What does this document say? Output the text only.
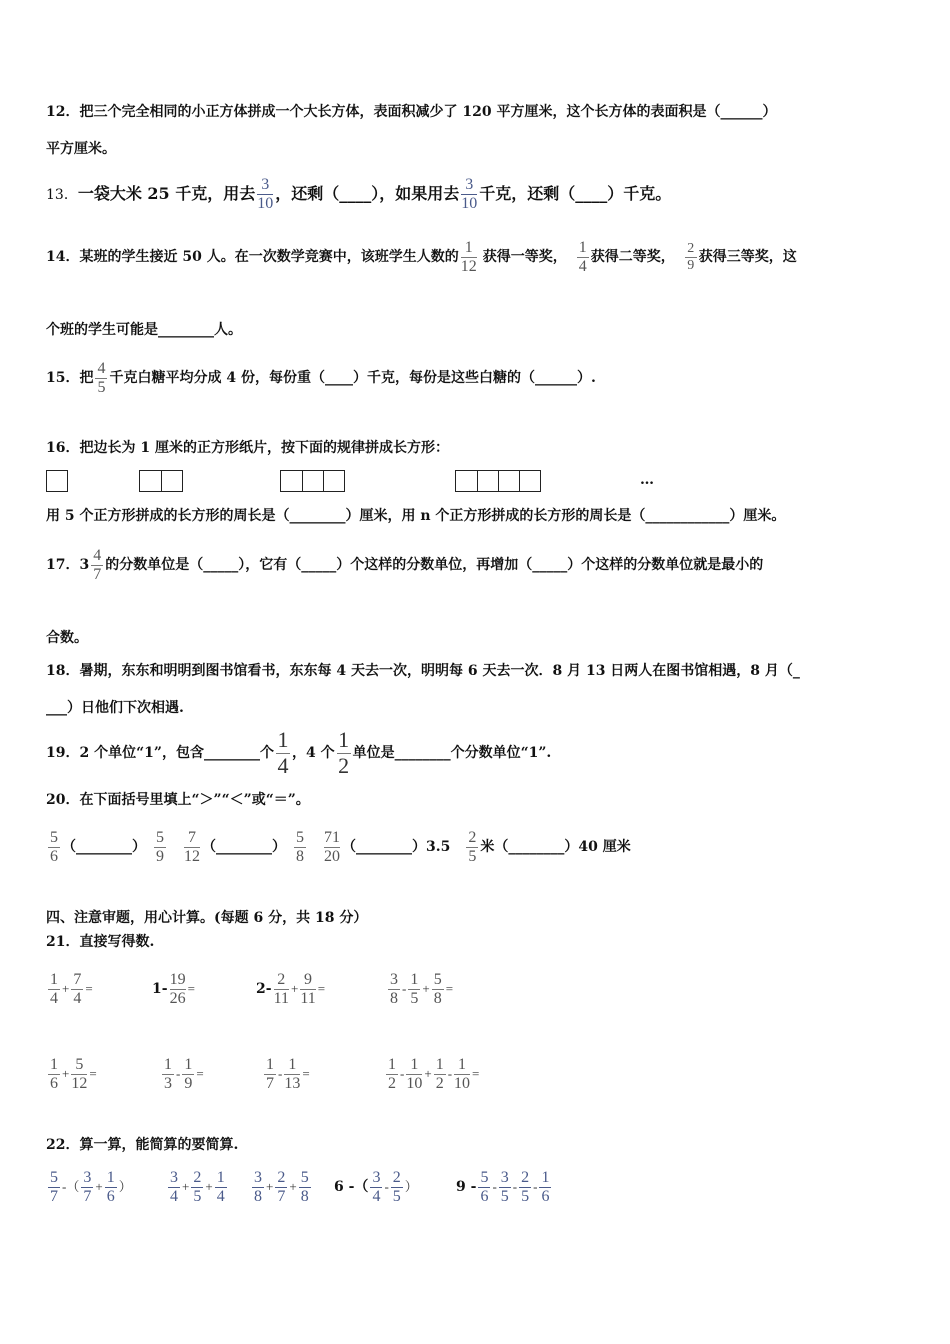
12．把三个完全相同的小正方体拼成一个大长方体，表面积减少了 120 平方厘米，这个长方体的表面积是（______）
平方厘米。
13．一袋大米 25 千克，用去 $\frac{3}{10}$ ，还剩（____），如果用去 $\frac{3}{10}$ 千克，还剩（____）千克。
14．某班的学生接近 50 人。在一次数学竞赛中，该班学生人数的 $\frac{1}{12}$ 获得一等奖， $\frac{1}{4}$ 获得二等奖， $\frac{2}{9}$ 获得三等奖，这
个班的学生可能是________人。
15．把 $\frac{4}{5}$ 千克白糖平均分成 4 份，每份重（____）千克，每份是这些白糖的（______）.
16．把边长为 1 厘米的正方形纸片，按下面的规律拼成长方形：
…
用 5 个正方形拼成的长方形的周长是（________）厘米，用 n 个正方形拼成的长方形的周长是（____________）厘米。
17．$3 \frac{4}{7}$ 的分数单位是（_____），它有（_____）个这样的分数单位，再增加（_____）个这样的分数单位就是最小的
合数。
18．暑期，东东和明明到图书馆看书，东东每 4 天去一次，明明每 6 天去一次．8 月 13 日两人在图书馆相遇，8 月（_
___）日他们下次相遇.
19．2 个单位“1”，包含________个 $\frac{1}{4}$ ，4 个 $\frac{1}{2}$ 单位是________个分数单位“1”.
20．在下面括号里填上“＞”“＜”或“＝”。
$\frac{5}{6}$ （________） $\frac{5}{9} \frac{7}{12}$ （________） $\frac{5}{8} \frac{71}{20}$ （________）3.5 $\frac{2}{5}$ 米（________）40 厘米
四、注意审题，用心计算。(每题 6 分，共 18 分）
21．直接写得数.
$\frac{1}{4} + \frac{7}{4}$ =	$1- \frac{19}{26}$ =	$2- \frac{2}{11} + \frac{9}{11}$ =	$\frac{3}{8} - \frac{1}{5} + \frac{5}{8}$ =
$\frac{1}{6} + \frac{5}{12}$ =	$\frac{1}{3} - \frac{1}{9}$ =	$\frac{1}{7} - \frac{1}{13}$ =	$\frac{1}{2} - \frac{1}{10} + \frac{1}{2} - \frac{1}{10}$ =
22．算一算，能简算的要简算.
$\frac{5}{7}$ -（ $\frac{3}{7} + \frac{1}{6}$ ） $\frac{3}{4} + \frac{2}{5} + \frac{1}{4} \frac{3}{8} + \frac{2}{7} + \frac{5}{8} 6$ -（ $\frac{3}{4} - \frac{2}{5}$ ）	$9 - \frac{5}{6} - \frac{3}{5} - \frac{2}{5} - \frac{1}{6}$
